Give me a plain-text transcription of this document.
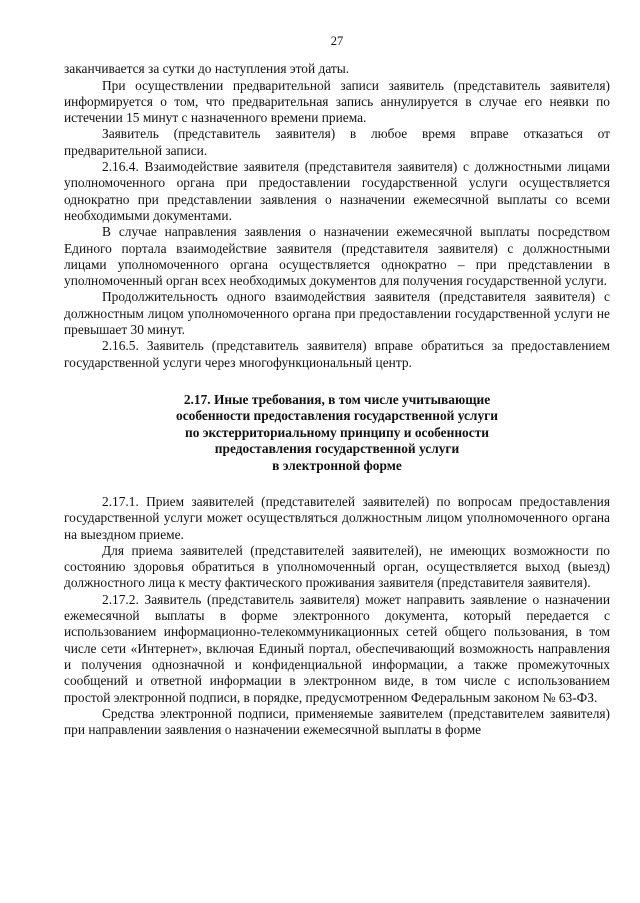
27

заканчивается за сутки до наступления этой даты.

При осуществлении предварительной записи заявитель (представитель заявителя) информируется о том, что предварительная запись аннулируется в случае его неявки по истечении 15 минут с назначенного времени приема.

Заявитель (представитель заявителя) в любое время вправе отказаться от предварительной записи.

2.16.4. Взаимодействие заявителя (представителя заявителя) с должностными лицами уполномоченного органа при предоставлении государственной услуги осуществляется однократно при представлении заявления о назначении ежемесячной выплаты со всеми необходимыми документами.

В случае направления заявления о назначении ежемесячной выплаты посредством Единого портала взаимодействие заявителя (представителя заявителя) с должностными лицами уполномоченного органа осуществляется однократно – при представлении в уполномоченный орган всех необходимых документов для получения государственной услуги.

Продолжительность одного взаимодействия заявителя (представителя заявителя) с должностным лицом уполномоченного органа при предоставлении государственной услуги не превышает 30 минут.

2.16.5. Заявитель (представитель заявителя) вправе обратиться за предоставлением государственной услуги через многофункциональный центр.

2.17. Иные требования, в том числе учитывающие
особенности предоставления государственной услуги
по экстерриториальному принципу и особенности
предоставления государственной услуги
в электронной форме

2.17.1. Прием заявителей (представителей заявителей) по вопросам предоставления государственной услуги может осуществляться должностным лицом уполномоченного органа на выездном приеме.

Для приема заявителей (представителей заявителей), не имеющих возможности по состоянию здоровья обратиться в уполномоченный орган, осуществляется выход (выезд) должностного лица к месту фактического проживания заявителя (представителя заявителя).

2.17.2. Заявитель (представитель заявителя) может направить заявление о назначении ежемесячной выплаты в форме электронного документа, который передается с использованием информационно-телекоммуникационных сетей общего пользования, в том числе сети «Интернет», включая Единый портал, обеспечивающий возможность направления и получения однозначной и конфиденциальной информации, а также промежуточных сообщений и ответной информации в электронном виде, в том числе с использованием простой электронной подписи, в порядке, предусмотренном Федеральным законом № 63-ФЗ.

Средства электронной подписи, применяемые заявителем (представителем заявителя) при направлении заявления о назначении ежемесячной выплаты в форме
